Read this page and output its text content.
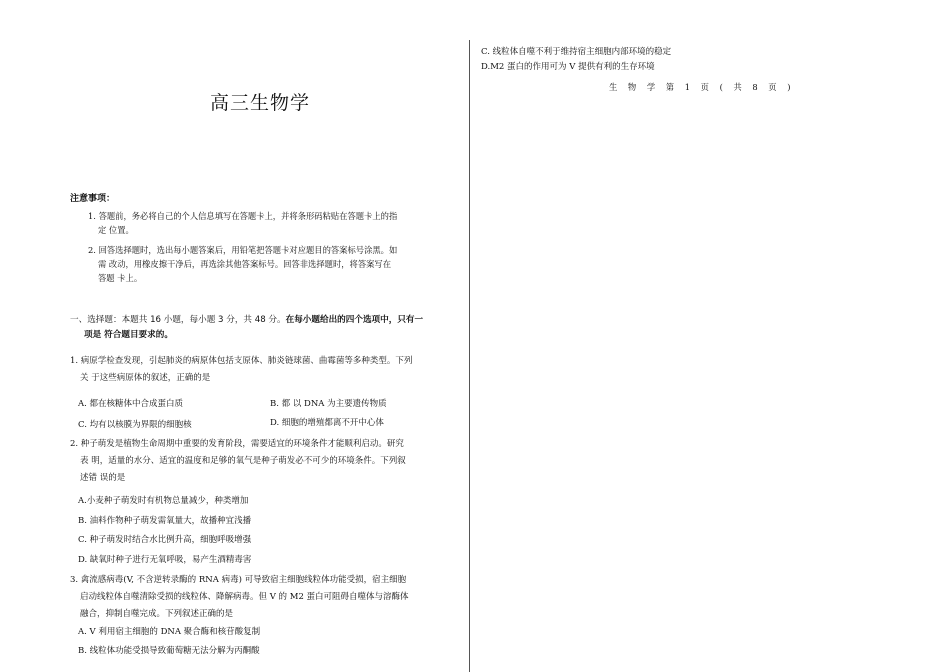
高三生物学
注意事项：
1. 答题前，务必将自己的个人信息填写在答题卡上，并将条形码粘贴在答题卡上的指
定 位置。
2. 回答选择题时，选出每小题答案后，用铅笔把答题卡对应题目的答案标号涂黑。如
需 改动，用橡皮擦干净后，再选涂其他答案标号。回答非选择题时，将答案写在
答题 卡上。
一、选择题：本题共 16 小题，每小题 3 分，共 48 分。在每小题给出的四个选项中，只有一
项是 符合题目要求的。
1. 病原学检查发现，引起肺炎的病原体包括支原体、肺炎链球菌、曲霉菌等多种类型。下列
关 于这些病原体的叙述，正确的是
A. 都在核糖体中合成蛋白质	B. 都 以 DNA 为主要遗传物质
C. 均有以核膜为界限的细胞核	D. 细胞的增殖都离不开中心体
2. 种子萌发是植物生命周期中重要的发育阶段，需要适宜的环境条件才能顺利启动。研究
表 明，适量的水分、适宜的温度和足够的氧气是种子萌发必不可少的环境条件。下列叙
述错 误的是
A.小麦种子萌发时有机物总量减少，种类增加
B. 油料作物种子萌发需氧量大，故播种宜浅播
C. 种子萌发时结合水比例升高，细胞呼吸增强
D. 缺氧时种子进行无氧呼吸，易产生酒精毒害
3. 禽流感病毒(V, 不含逆转录酶的 RNA 病毒) 可导致宿主细胞线粒体功能受损，宿主细胞
启动线粒体自噬清除受损的线粒体、降解病毒。但 V 的 M2 蛋白可阻碍自噬体与溶酶体
融合，抑制自噬完成。下列叙述正确的是
A. V 利用宿主细胞的 DNA 聚合酶和核苷酸复制
B. 线粒体功能受损导致葡萄糖无法分解为丙酮酸
C. 线粒体自噬不利于维持宿主细胞内部环境的稳定
D.M2 蛋白的作用可为 V 提供有利的生存环境
生 物 学 第 1 页 ( 共 8 页 )
